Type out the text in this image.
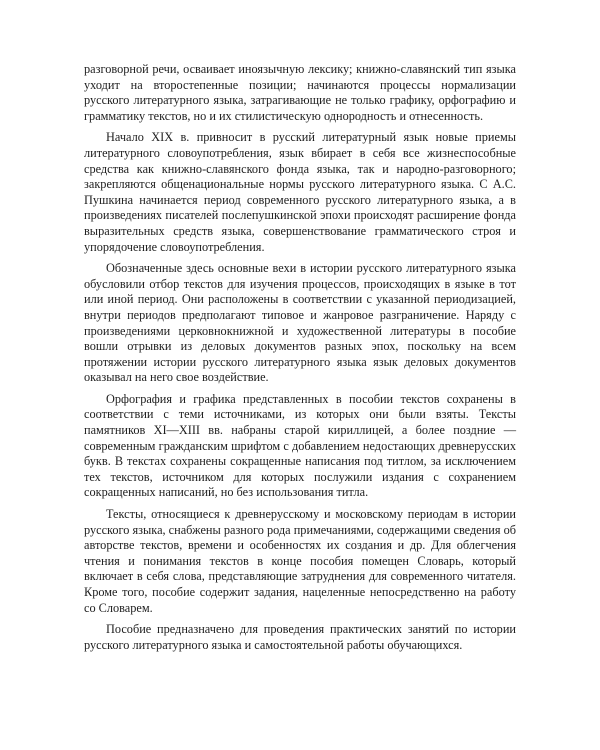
разговорной речи, осваивает иноязычную лексику; книжно-славянский тип языка уходит на второстепенные позиции; начинаются процессы нормализации русского литературного языка, затрагивающие не только графику, орфографию и грамматику текстов, но и их стилистическую однородность и отнесенность.

Начало XIX в. привносит в русский литературный язык новые приемы литературного словоупотребления, язык вбирает в себя все жизнеспособные средства как книжно-славянского фонда языка, так и народно-разговорного; закрепляются общенациональные нормы русского литературного языка. С А.С. Пушкина начинается период современного русского литературного языка, а в произведениях писателей послепушкинской эпохи происходят расширение фонда выразительных средств языка, совершенствование грамматического строя и упорядочение словоупотребления.

Обозначенные здесь основные вехи в истории русского литературного языка обусловили отбор текстов для изучения процессов, происходящих в языке в тот или иной период. Они расположены в соответствии с указанной периодизацией, внутри периодов предполагают типовое и жанровое разграничение. Наряду с произведениями церковнокнижной и художественной литературы в пособие вошли отрывки из деловых документов разных эпох, поскольку на всем протяжении истории русского литературного языка язык деловых документов оказывал на него свое воздействие.

Орфография и графика представленных в пособии текстов сохранены в соответствии с теми источниками, из которых они были взяты. Тексты памятников XI—XIII вв. набраны старой кириллицей, а более поздние — современным гражданским шрифтом с добавлением недостающих древнерусских букв. В текстах сохранены сокращенные написания под титлом, за исключением тех текстов, источником для которых послужили издания с сохранением сокращенных написаний, но без использования титла.

Тексты, относящиеся к древнерусскому и московскому периодам в истории русского языка, снабжены разного рода примечаниями, содержащими сведения об авторстве текстов, времени и особенностях их создания и др. Для облегчения чтения и понимания текстов в конце пособия помещен Словарь, который включает в себя слова, представляющие затруднения для современного читателя. Кроме того, пособие содержит задания, нацеленные непосредственно на работу со Словарем.

Пособие предназначено для проведения практических занятий по истории русского литературного языка и самостоятельной работы обучающихся.
